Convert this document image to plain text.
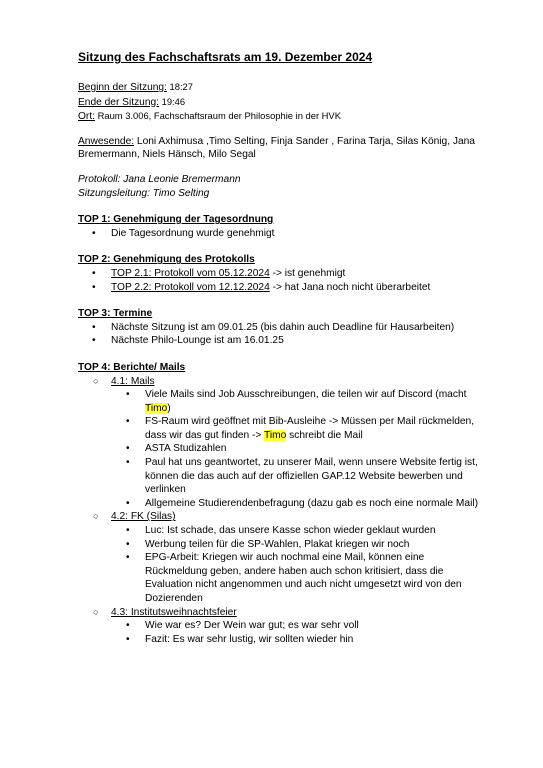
Sitzung des Fachschaftsrats am 19. Dezember 2024
Beginn der Sitzung: 18:27
Ende der Sitzung: 19:46
Ort: Raum 3.006, Fachschaftsraum der Philosophie in der HVK
Anwesende: Loni Axhimusa ,Timo Selting, Finja Sander , Farina Tarja, Silas König, Jana Bremermann, Niels Hänsch, Milo Segal
Protokoll: Jana Leonie Bremermann
Sitzungsleitung: Timo Selting
TOP 1: Genehmigung der Tagesordnung
• Die Tagesordnung wurde genehmigt
TOP 2: Genehmigung des Protokolls
• TOP 2.1: Protokoll vom 05.12.2024 -> ist genehmigt
• TOP 2.2: Protokoll vom 12.12.2024 -> hat Jana noch nicht überarbeitet
TOP 3: Termine
• Nächste Sitzung ist am 09.01.25 (bis dahin auch Deadline für Hausarbeiten)
• Nächste Philo-Lounge ist am 16.01.25
TOP 4: Berichte/ Mails
○ 4.1: Mails
• Viele Mails sind Job Ausschreibungen, die teilen wir auf Discord (macht
Timo)
• FS-Raum wird geöffnet mit Bib-Ausleihe -> Müssen per Mail rückmelden,
dass wir das gut finden -> Timo schreibt die Mail
• ASTA Studizahlen
• Paul hat uns geantwortet, zu unserer Mail, wenn unsere Website fertig ist,
können die das auch auf der offiziellen GAP.12 Website bewerben und
verlinken
• Allgemeine Studierendenbefragung (dazu gab es noch eine normale Mail)
○ 4.2: FK (Silas)
• Luc: Ist schade, das unsere Kasse schon wieder geklaut wurden
• Werbung teilen für die SP-Wahlen, Plakat kriegen wir noch
• EPG-Arbeit: Kriegen wir auch nochmal eine Mail, können eine
Rückmeldung geben, andere haben auch schon kritisiert, dass die
Evaluation nicht angenommen und auch nicht umgesetzt wird von den
Dozierenden
○ 4.3: Institutsweihnachtsfeier
• Wie war es? Der Wein war gut; es war sehr voll
• Fazit: Es war sehr lustig, wir sollten wieder hin
